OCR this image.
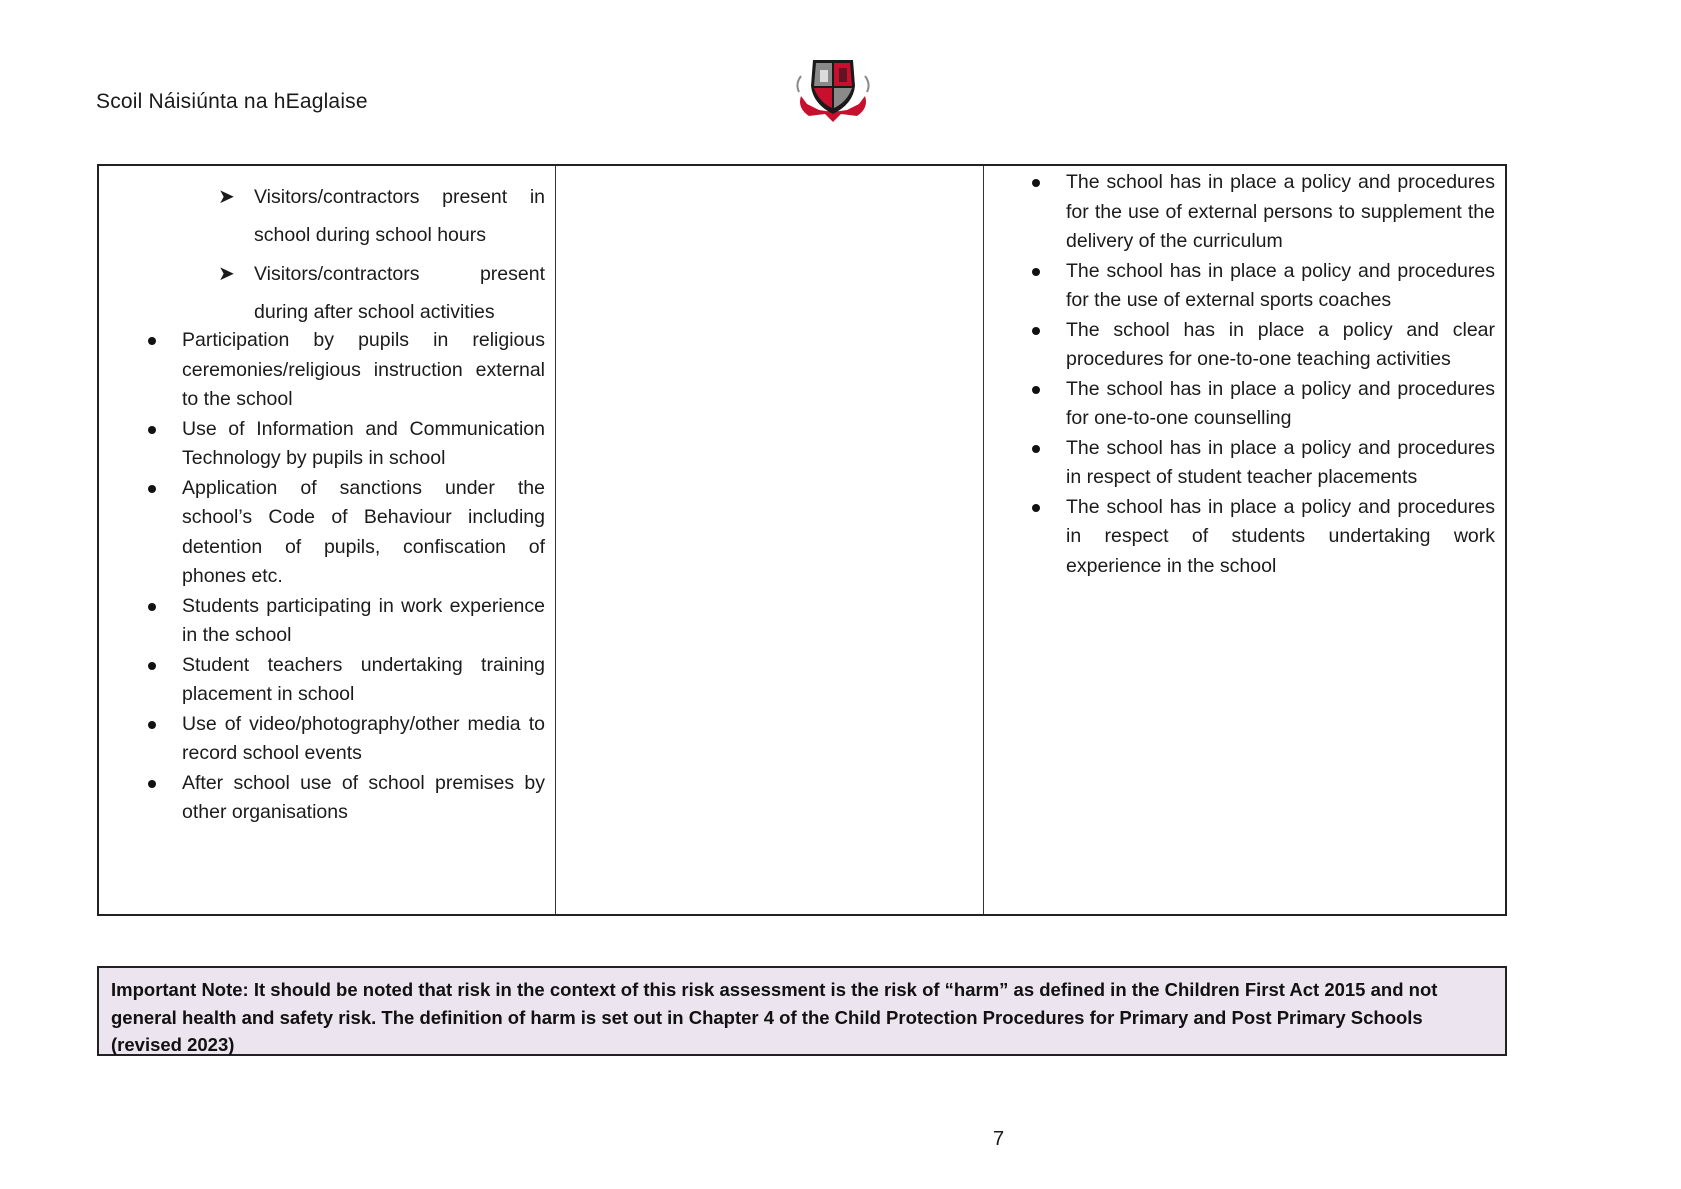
Scoil Náisiúnta na hEaglaise
➤ Visitors/contractors present in school during school hours
➤ Visitors/contractors present during after school activities
Participation by pupils in religious ceremonies/religious instruction external to the school
Use of Information and Communication Technology by pupils in school
Application of sanctions under the school’s Code of Behaviour including detention of pupils, confiscation of phones etc.
Students participating in work experience in the school
Student teachers undertaking training placement in school
Use of video/photography/other media to record school events
After school use of school premises by other organisations
The school has in place a policy and procedures for the use of external persons to supplement the delivery of the curriculum
The school has in place a policy and procedures for the use of external sports coaches
The school has in place a policy and clear procedures for one-to-one teaching activities
The school has in place a policy and procedures for one-to-one counselling
The school has in place a policy and procedures in respect of student teacher placements
The school has in place a policy and procedures in respect of students undertaking work experience in the school
Important Note: It should be noted that risk in the context of this risk assessment is the risk of “harm” as defined in the Children First Act 2015 and not general health and safety risk. The definition of harm is set out in Chapter 4 of the Child Protection Procedures for Primary and Post Primary Schools (revised 2023)
7
